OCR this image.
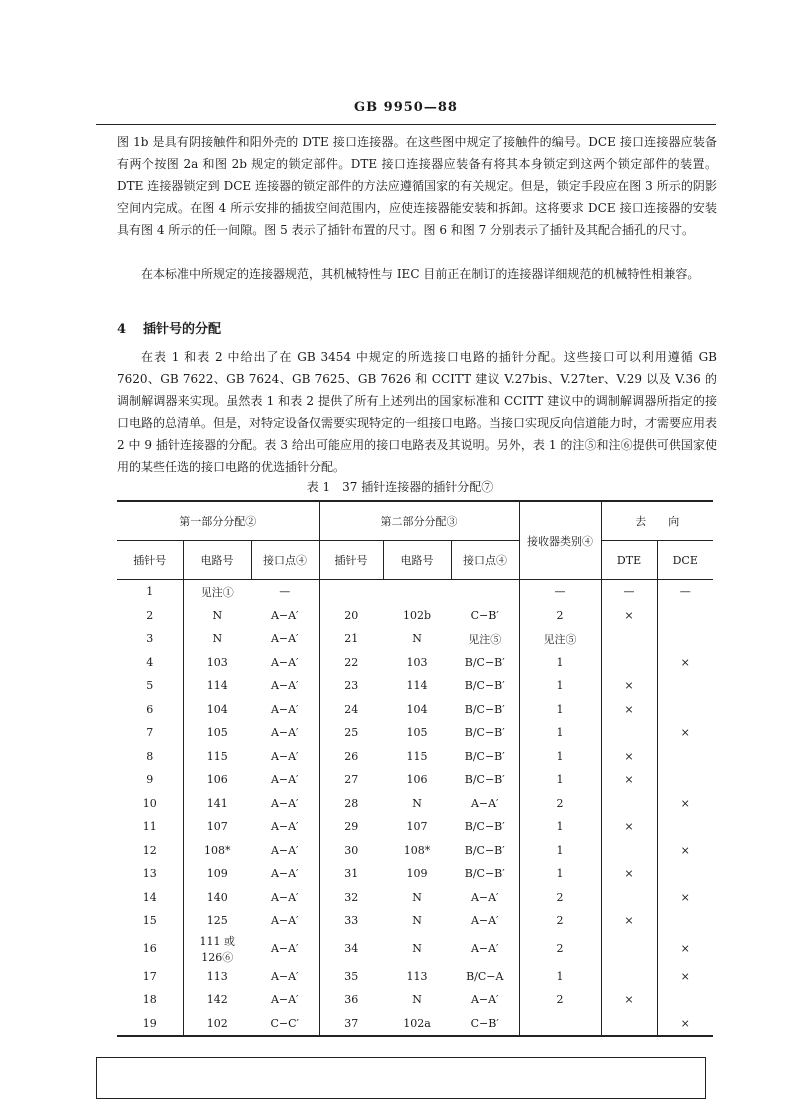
GB 9950—88

图 1b 是具有阴接触件和阳外壳的 DTE 接口连接器。在这些图中规定了接触件的编号。DCE 接口连接器应装备有两个按图 2a 和图 2b 规定的锁定部件。DTE 接口连接器应装备有将其本身锁定到这两个锁定部件的装置。DTE 连接器锁定到 DCE 连接器的锁定部件的方法应遵循国家的有关规定。但是，锁定手段应在图 3 所示的阴影空间内完成。在图 4 所示安排的插拔空间范围内，应使连接器能安装和拆卸。这将要求 DCE 接口连接器的安装具有图 4 所示的任一间隙。图 5 表示了插针布置的尺寸。图 6 和图 7 分别表示了插针及其配合插孔的尺寸。

在本标准中所规定的连接器规范，其机械特性与 IEC 目前正在制订的连接器详细规范的机械特性相兼容。

4 插针号的分配

在表 1 和表 2 中给出了在 GB 3454 中规定的所选接口电路的插针分配。这些接口可以利用遵循 GB 7620、GB 7622、GB 7624、GB 7625、GB 7626 和 CCITT 建议 V.27bis、V.27ter、V.29 以及 V.36 的调制解调器来实现。虽然表 1 和表 2 提供了所有上述列出的国家标准和 CCITT 建议中的调制解调器所指定的接口电路的总清单。但是，对特定设备仅需要实现特定的一组接口电路。当接口实现反向信道能力时，才需要应用表 2 中 9 插针连接器的分配。表 3 给出可能应用的接口电路表及其说明。另外，表 1 的注⑤和注⑥提供可供国家使用的某些任选的接口电路的优选插针分配。

表 1　37 插针连接器的插针分配⑦
第一部分分配②			第二部分分配③			接收器类别④	去　　向	
插针号	电路号	接口点④	插针号	电路号	接口点④		DTE	DCE
1	见注①	—				—	—	—
2	N	A−A′	20	102b	C−B′	2	×	
3	N	A−A′	21	N	见注⑤	见注⑤		
4	103	A−A′	22	103	B/C−B′	1		×
5	114	A−A′	23	114	B/C−B′	1	×	
6	104	A−A′	24	104	B/C−B′	1	×	
7	105	A−A′	25	105	B/C−B′	1		×
8	115	A−A′	26	115	B/C−B′	1	×	
9	106	A−A′	27	106	B/C−B′	1	×	
10	141	A−A′	28	N	A−A′	2		×
11	107	A−A′	29	107	B/C−B′	1	×	
12	108*	A−A′	30	108*	B/C−B′	1		×
13	109	A−A′	31	109	B/C−B′	1	×	
14	140	A−A′	32	N	A−A′	2		×
15	125	A−A′	33	N	A−A′	2	×	
16	111 或 126⑥	A−A′	34	N	A−A′	2		×
17	113	A−A′	35	113	B/C−A	1		×
18	142	A−A′	36	N	A−A′	2	×	
19	102	C−C′	37	102a	C−B′			×
